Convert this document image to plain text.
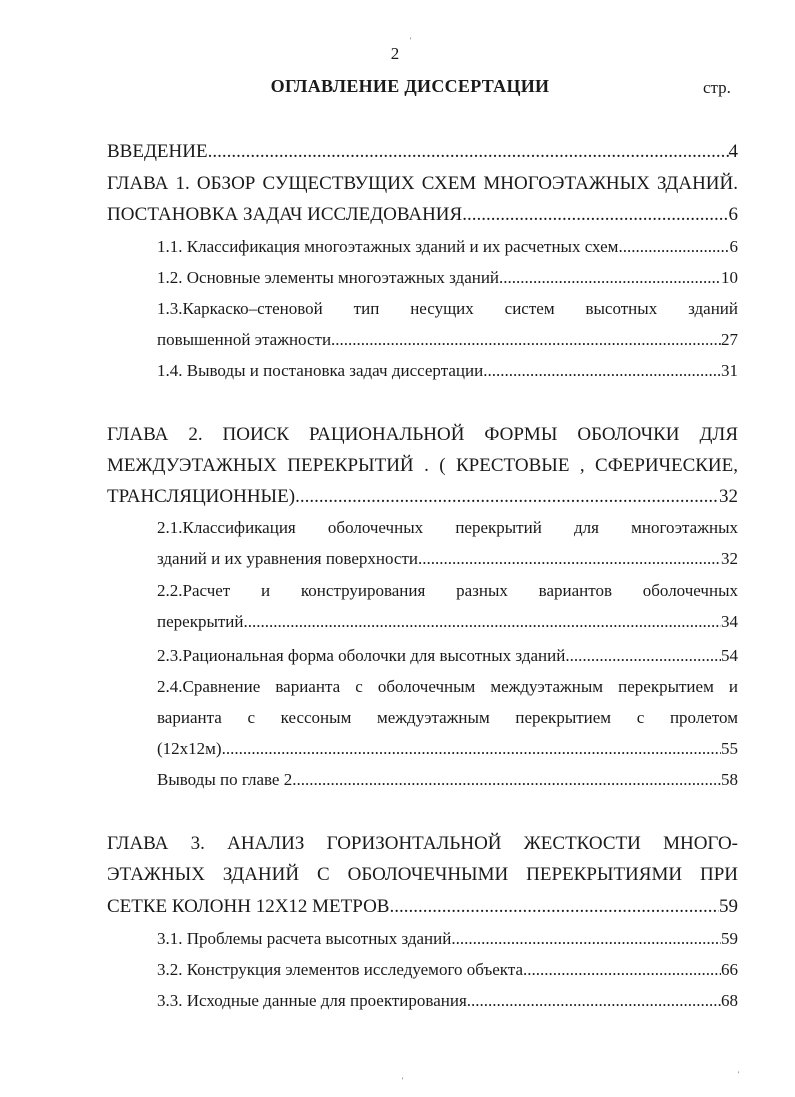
2
ОГЛАВЛЕНИЕ ДИССЕРТАЦИИ	стр.
ВВЕДЕНИЕ .....	4
ГЛАВА 1. ОБЗОР СУЩЕСТВУЩИХ СХЕМ МНОГОЭТАЖНЫХ ЗДАНИЙ.
ПОСТАНОВКА ЗАДАЧ ИССЛЕДОВАНИЯ .....	6
1.1. Классификация многоэтажных зданий и их расчетных схем .....	6
1.2. Основные элементы многоэтажных зданий .....	10
1.3.Каркаско–стеновой тип несущих систем высотных зданий
повышенной этажности .....	27
1.4. Выводы и постановка задач диссертации .....	31
ГЛАВА 2. ПОИСК РАЦИОНАЛЬНОЙ ФОРМЫ ОБОЛОЧКИ ДЛЯ
МЕЖДУЭТАЖНЫХ ПЕРЕКРЫТИЙ . ( КРЕСТОВЫЕ , СФЕРИЧЕСКИЕ,
ТРАНСЛЯЦИОННЫЕ) .....	32
2.1.Классификация оболочечных перекрытий для многоэтажных
зданий и их уравнения поверхности .....	32
2.2.Расчет и конструирования разных вариантов оболочечных
перекрытий .....	34
2.3.Рациональная форма оболочки для высотных зданий .....	54
2.4.Сравнение варианта с оболочечным междуэтажным перекрытием и
варианта с кессоным междуэтажным перекрытием с пролетом
(12х12м) .....	55
Выводы по главе 2 .....	58
ГЛАВА 3. АНАЛИЗ ГОРИЗОНТАЛЬНОЙ ЖЕСТКОСТИ МНОГО-
ЭТАЖНЫХ ЗДАНИЙ С ОБОЛОЧЕЧНЫМИ ПЕРЕКРЫТИЯМИ ПРИ
СЕТКЕ КОЛОНН 12Х12 МЕТРОВ .....	59
3.1. Проблемы расчета высотных зданий .....	59
3.2. Конструкция элементов исследуемого объекта .....	66
3.3. Исходные данные для проектирования .....	68
'
'
'
